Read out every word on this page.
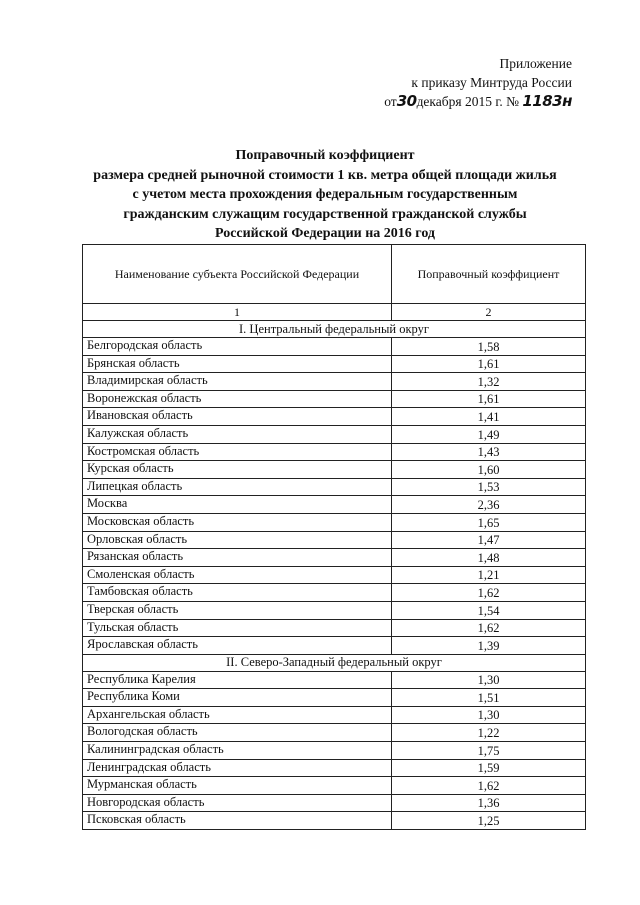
Приложение
к приказу Минтруда России
от30декабря 2015 г. № 1183н
Поправочный коэффициент
размера средней рыночной стоимости 1 кв. метра общей площади жилья
с учетом места прохождения федеральным государственным
гражданским служащим государственной гражданской службы
Российской Федерации на 2016 год
Наименование субъекта Российской Федерации	Поправочный коэффициент
1	2
I. Центральный федеральный округ	
Белгородская область	1,58
Брянская область	1,61
Владимирская область	1,32
Воронежская область	1,61
Ивановская область	1,41
Калужская область	1,49
Костромская область	1,43
Курская область	1,60
Липецкая область	1,53
Москва	2,36
Московская область	1,65
Орловская область	1,47
Рязанская область	1,48
Смоленская область	1,21
Тамбовская область	1,62
Тверская область	1,54
Тульская область	1,62
Ярославская область	1,39
II. Северо-Западный федеральный округ	
Республика Карелия	1,30
Республика Коми	1,51
Архангельская область	1,30
Вологодская область	1,22
Калининградская область	1,75
Ленинградская область	1,59
Мурманская область	1,62
Новгородская область	1,36
Псковская область	1,25
